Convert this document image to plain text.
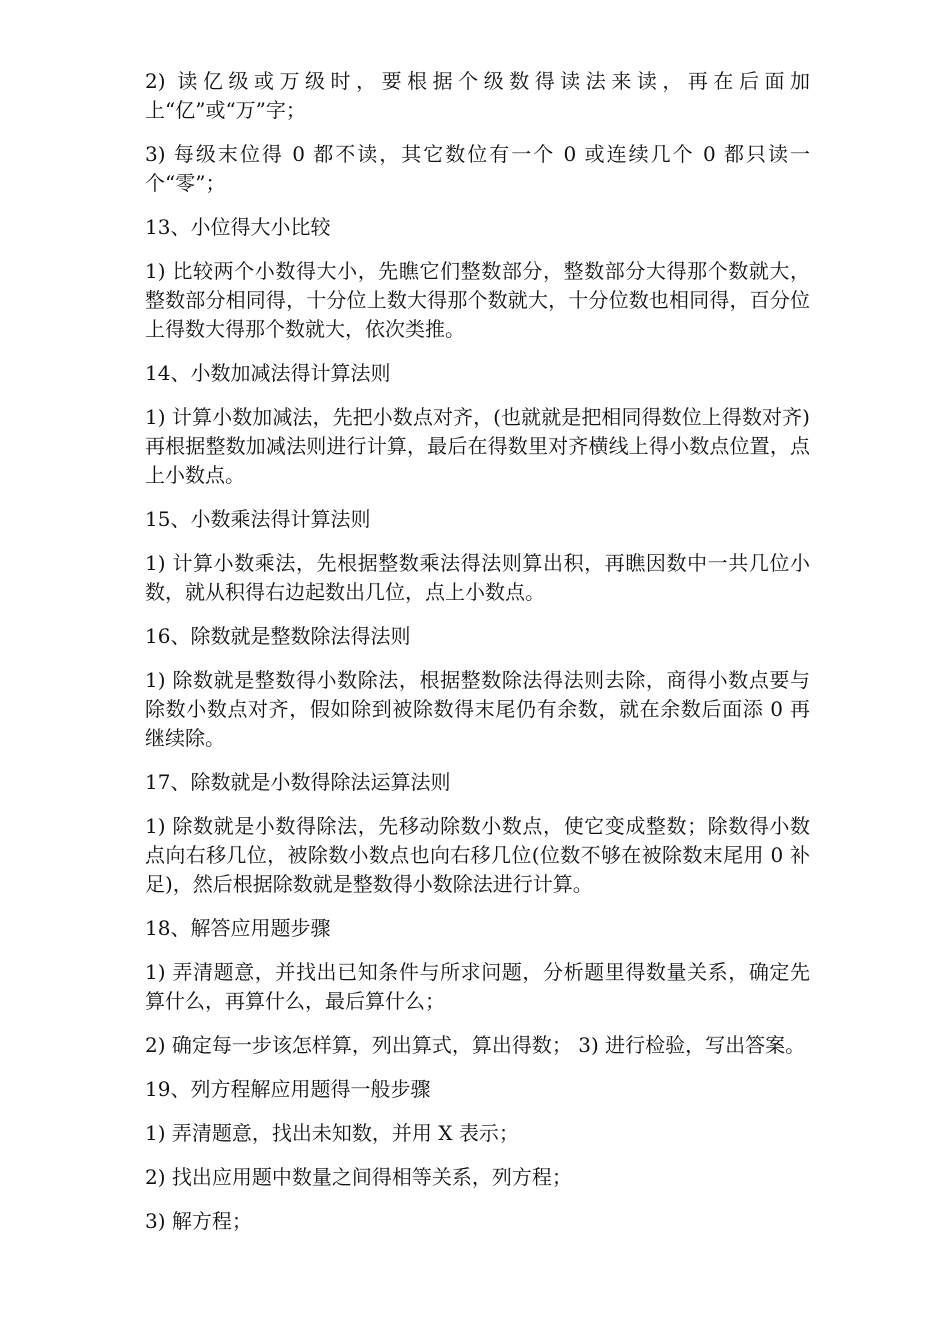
2) 读亿级或万级时，要根据个级数得读法来读，再在后面加上“亿”或“万”字；

3) 每级末位得 0 都不读，其它数位有一个 0 或连续几个 0 都只读一个“零”；

13、小位得大小比较

1) 比较两个小数得大小，先瞧它们整数部分，整数部分大得那个数就大，整数部分相同得，十分位上数大得那个数就大，十分位数也相同得，百分位上得数大得那个数就大，依次类推。

14、小数加减法得计算法则

1) 计算小数加减法，先把小数点对齐，(也就就是把相同得数位上得数对齐)再根据整数加减法则进行计算，最后在得数里对齐横线上得小数点位置，点上小数点。

15、小数乘法得计算法则

1) 计算小数乘法，先根据整数乘法得法则算出积，再瞧因数中一共几位小数，就从积得右边起数出几位，点上小数点。

16、除数就是整数除法得法则

1) 除数就是整数得小数除法，根据整数除法得法则去除，商得小数点要与除数小数点对齐，假如除到被除数得末尾仍有余数，就在余数后面添 0 再继续除。

17、除数就是小数得除法运算法则

1) 除数就是小数得除法，先移动除数小数点，使它变成整数；除数得小数点向右移几位，被除数小数点也向右移几位(位数不够在被除数末尾用 0 补足)，然后根据除数就是整数得小数除法进行计算。

18、解答应用题步骤

1) 弄清题意，并找出已知条件与所求问题，分析题里得数量关系，确定先算什么，再算什么，最后算什么；

2) 确定每一步该怎样算，列出算式，算出得数； 3) 进行检验，写出答案。

19、列方程解应用题得一般步骤

1) 弄清题意，找出未知数，并用 X 表示；

2) 找出应用题中数量之间得相等关系，列方程；

3) 解方程；
